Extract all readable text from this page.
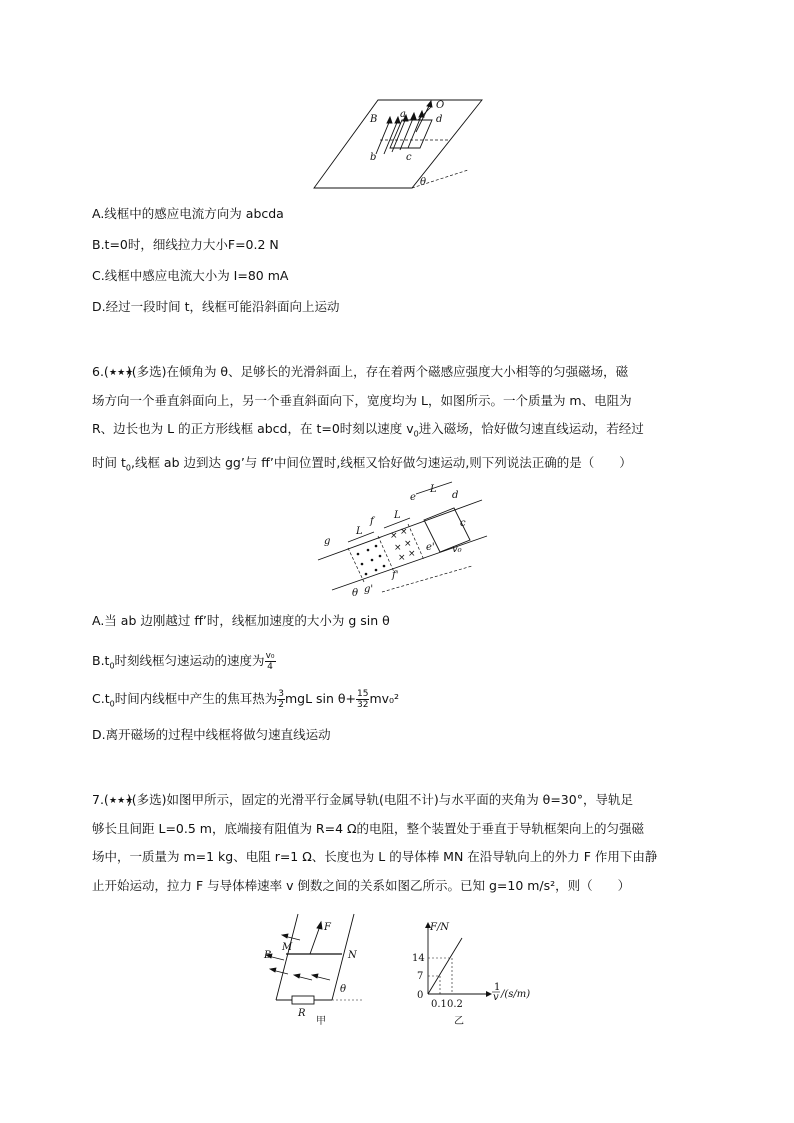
B
O
a	d
b	c
θ
A.线框中的感应电流方向为 abcda
B.t=0时，细线拉力大小F=0.2 N
C.线框中感应电流大小为 I=80 mA
D.经过一段时间 t，线框可能沿斜面向上运动
6.( ★★★
)(多选)在倾角为 θ、足够长的光滑斜面上，存在着两个磁感应强度大小相等的匀强磁场，磁
场方向一个垂直斜面向上，另一个垂直斜面向下，宽度均为 L，如图所示。一个质量为 m、电阻为
R、边长也为 L 的正方形线框 abcd，在 t=0时刻以速度 $v_0$进入磁场，恰好做匀速直线运动，若经过
时间 $t_0$,线框 ab 边到达 gg’与 ff’中间位置时,线框又恰好做匀速运动,则下列说法正确的是（　　）
× ×
× ×
× ×
L
L
L
e	d
f	c
g
v₀
e'
f'
g'
θ
A.当 ab 边刚越过 ff’时，线框加速度的大小为 g sin θ
$B.t_0$时刻线框匀速运动的速度为 $\frac{\text{v₀}}{4}$
$C.t_0$时间内线框中产生的焦耳热为 $\frac{3}{2}$ mgL $\sin \theta+ \frac{15}{32} mv_0^2$
D.离开磁场的过程中线框将做匀速直线运动
7.( ★★★
)(多选)如图甲所示，固定的光滑平行金属导轨(电阻不计)与水平面的夹角为 θ=30°，导轨足
够长且间距 L=0.5 m，底端接有阻值为 R=4 Ω的电阻，整个装置处于垂直于导轨框架向上的匀强磁
场中，一质量为 m=1 kg、电阻 r=1 Ω、长度也为 L 的导体棒 MN 在沿导轨向上的外力 F 作用下由静
止开始运动，拉力 F 与导体棒速率 v 倒数之间的关系如图乙所示。已知 g=10 m/s²，则（　　）
F
B
M
N
R
θ
甲
F/N
14
7
0
0.1 0.2
1
v /(s/m)
乙
